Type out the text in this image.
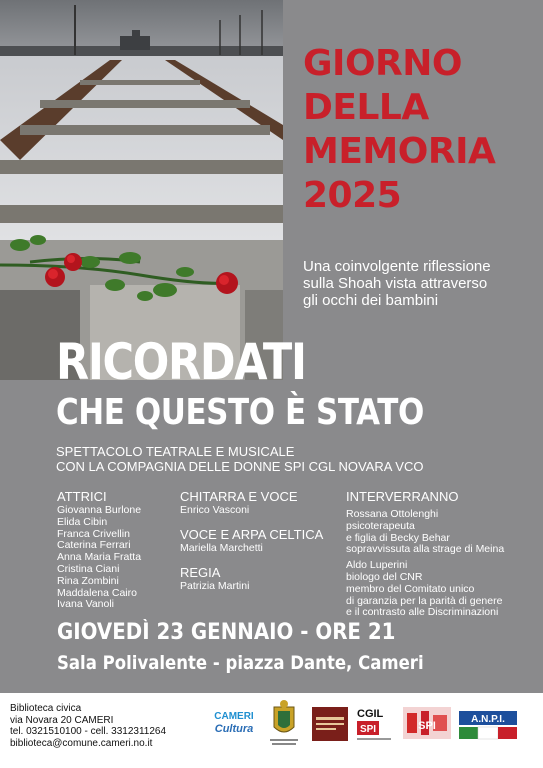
GIORNO
DELLA
MEMORIA
2025
Una coinvolgente riflessione
sulla Shoah vista attraverso
gli occhi dei bambini
RICORDATI
CHE QUESTO È STATO
SPETTACOLO TEATRALE E MUSICALE
CON LA COMPAGNIA DELLE DONNE SPI CGL NOVARA VCO
ATTRICI
Giovanna Burlone
Elida Cibin
Franca Crivellin
Caterina Ferrari
Anna Maria Fratta
Cristina Ciani
Rina Zombini
Maddalena Cairo
Ivana Vanoli
CHITARRA E VOCE
Enrico Vasconi
VOCE E ARPA CELTICA
Mariella Marchetti
REGIA
Patrizia Martini
INTERVERRANNO
Rossana Ottolenghi
psicoterapeuta
e figlia di Becky Behar
sopravvissuta alla strage di Meina
Aldo Luperini
biologo del CNR
membro del Comitato unico
di garanzia per la parità di genere
e il contrasto alle Discriminazioni
GIOVEDÌ 23 GENNAIO - ORE 21
Sala Polivalente - piazza Dante, Cameri
Biblioteca civica
via Novara 20 CAMERI
tel. 0321510100 - cell. 3312311264
biblioteca@comune.cameri.no.it
CAMERI
Cultura
CGIL
SPI	SPI
A.N.P.I.
